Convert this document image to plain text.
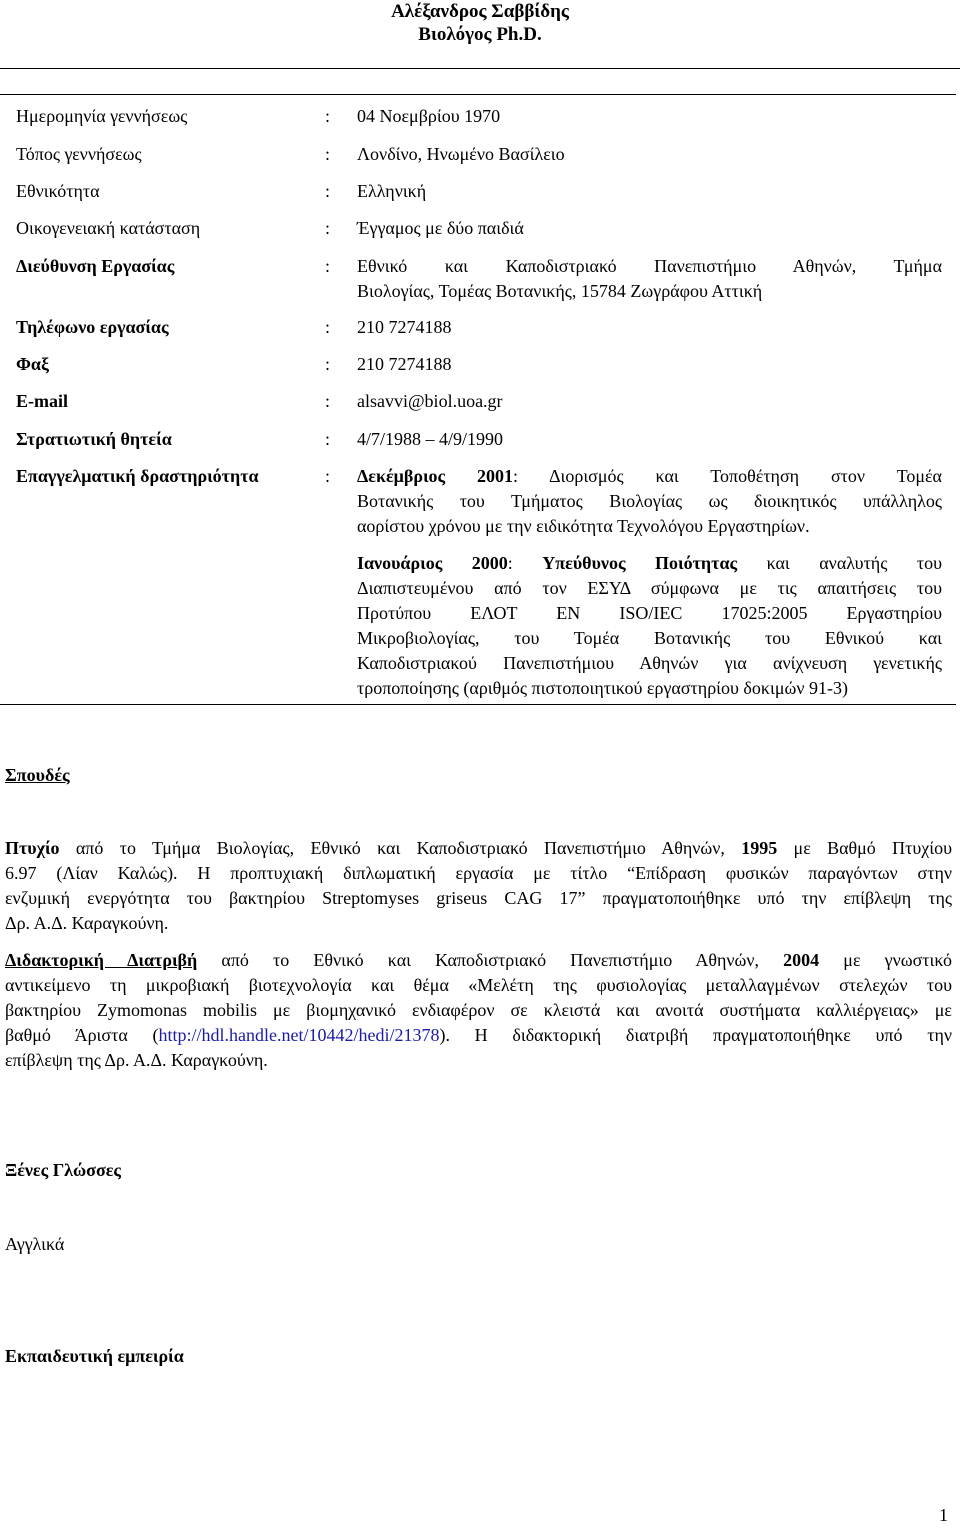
Αλέξανδρος Σαββίδης
Βιολόγος Ph.D.
Ημερομηνία γεννήσεως	: 04 Νοεμβρίου 1970
Τόπος γεννήσεως	: Λονδίνο, Ηνωμένο Βασίλειο
Εθνικότητα	: Ελληνική
Οικογενειακή κατάσταση	: Έγγαμος με δύο παιδιά
Διεύθυνση Εργασίας	: Εθνικό και Καποδιστριακό Πανεπιστήμιο Αθηνών, Τμήμα
Βιολογίας, Τομέας Βοτανικής, 15784 Ζωγράφου Αττική
Τηλέφωνο εργασίας	: 210 7274188
Φαξ	: 210 7274188
E-mail	: alsavvi@biol.uoa.gr
Στρατιωτική θητεία	: 4/7/1988 – 4/9/1990
Επαγγελματική δραστηριότητα	: Δεκέμβριος 2001: Διορισμός και Τοποθέτηση στον Τομέα
Βοτανικής του Τμήματος Βιολογίας ως διοικητικός υπάλληλος
αορίστου χρόνου με την ειδικότητα Τεχνολόγου Εργαστηρίων.
Ιανουάριος 2000: Υπεύθυνος Ποιότητας και αναλυτής του
Διαπιστευμένου από τον ΕΣΥΔ σύμφωνα με τις απαιτήσεις του
Προτύπου ΕΛΟΤ ΕΝ ISO/IEC 17025:2005 Εργαστηρίου
Μικροβιολογίας, του Τομέα Βοτανικής του Εθνικού και
Καποδιστριακού Πανεπιστήμιου Αθηνών για ανίχνευση γενετικής
τροποποίησης (αριθμός πιστοποιητικού εργαστηρίου δοκιμών 91-3)
Σπουδές
Πτυχίο από το Τμήμα Βιολογίας, Εθνικό και Καποδιστριακό Πανεπιστήμιο Αθηνών, 1995 με Βαθμό Πτυχίου
6.97 (Λίαν Καλώς). Η προπτυχιακή διπλωματική εργασία με τίτλο “Επίδραση φυσικών παραγόντων στην
ενζυμική ενεργότητα του βακτηρίου Streptomyses griseus CAG 17” πραγματοποιήθηκε υπό την επίβλεψη της
Δρ. Α.Δ. Καραγκούνη.
Διδακτορική Διατριβή από το Εθνικό και Καποδιστριακό Πανεπιστήμιο Αθηνών, 2004 με γνωστικό
αντικείμενο τη μικροβιακή βιοτεχνολογία και θέμα «Μελέτη της φυσιολογίας μεταλλαγμένων στελεχών του
βακτηρίου Zymomonas mobilis με βιομηχανικό ενδιαφέρον σε κλειστά και ανοιτά συστήματα καλλιέργειας» με
βαθμό Άριστα (http://hdl.handle.net/10442/hedi/21378). Η διδακτορική διατριβή πραγματοποιήθηκε υπό την
επίβλεψη της Δρ. Α.Δ. Καραγκούνη.
Ξένες Γλώσσες
Αγγλικά
Εκπαιδευτική εμπειρία
1
